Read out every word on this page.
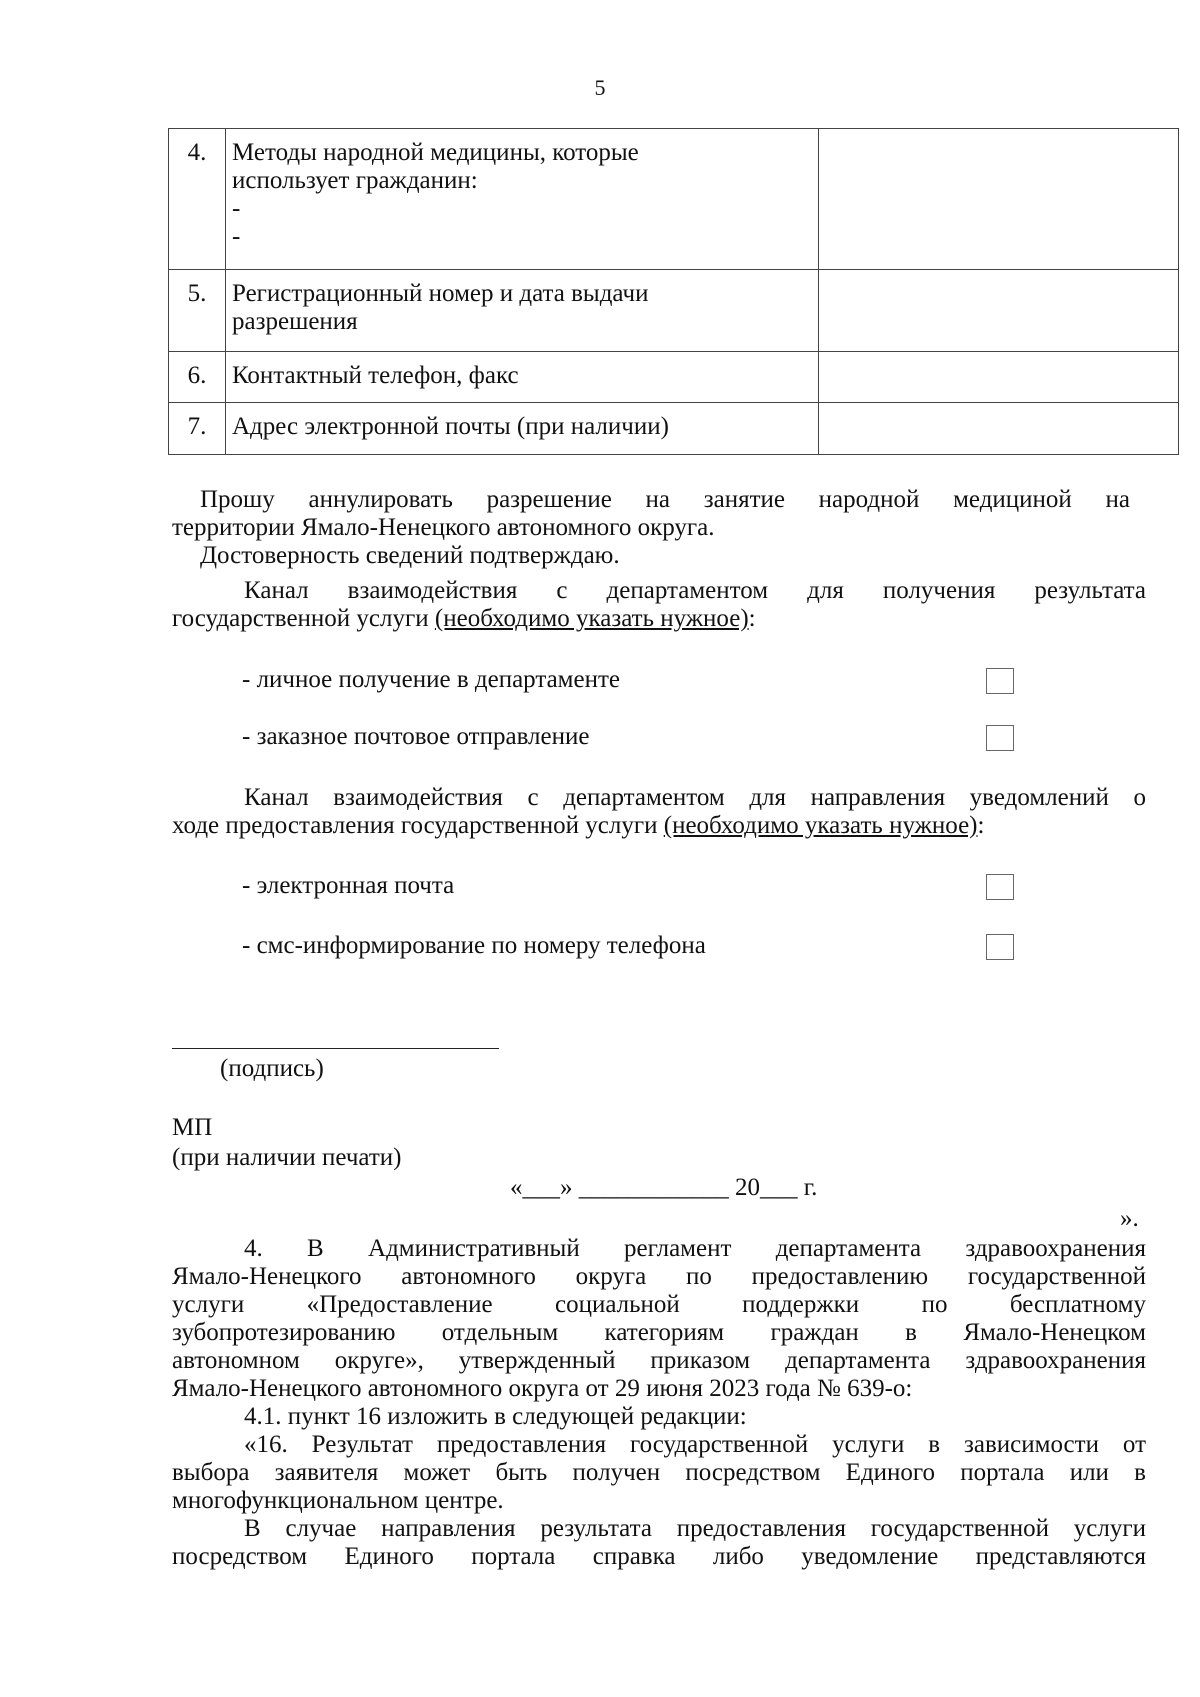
5
4.	Методы народной медицины, которые
использует гражданин:
-
-	

5.	Регистрационный номер и дата выдачи
разрешения	

6.	Контактный телефон, факс	

7.	Адрес электронной почты (при наличии)	

Прошу аннулировать разрешение на занятие народной медициной на
территории Ямало-Ненецкого автономного округа.
Достоверность сведений подтверждаю.
Канал взаимодействия с департаментом для получения результата
государственной услуги (необходимо указать нужное):
- личное получение в департаменте
- заказное почтовое отправление
Канал взаимодействия с департаментом для направления уведомлений о
ходе предоставления государственной услуги (необходимо указать нужное):
- электронная почта
- смс-информирование по номеру телефона
(подпись)
МП
(при наличии печати)
«___» ____________ 20___ г.
».
4. В Административный регламент департамента здравоохранения
Ямало-Ненецкого автономного округа по предоставлению государственной
услуги «Предоставление социальной поддержки по бесплатному
зубопротезированию отдельным категориям граждан в Ямало-Ненецком
автономном округе», утвержденный приказом департамента здравоохранения
Ямало-Ненецкого автономного округа от 29 июня 2023 года № 639-о:
4.1. пункт 16 изложить в следующей редакции:
«16. Результат предоставления государственной услуги в зависимости от
выбора заявителя может быть получен посредством Единого портала или в
многофункциональном центре.
В случае направления результата предоставления государственной услуги
посредством Единого портала справка либо уведомление представляются
